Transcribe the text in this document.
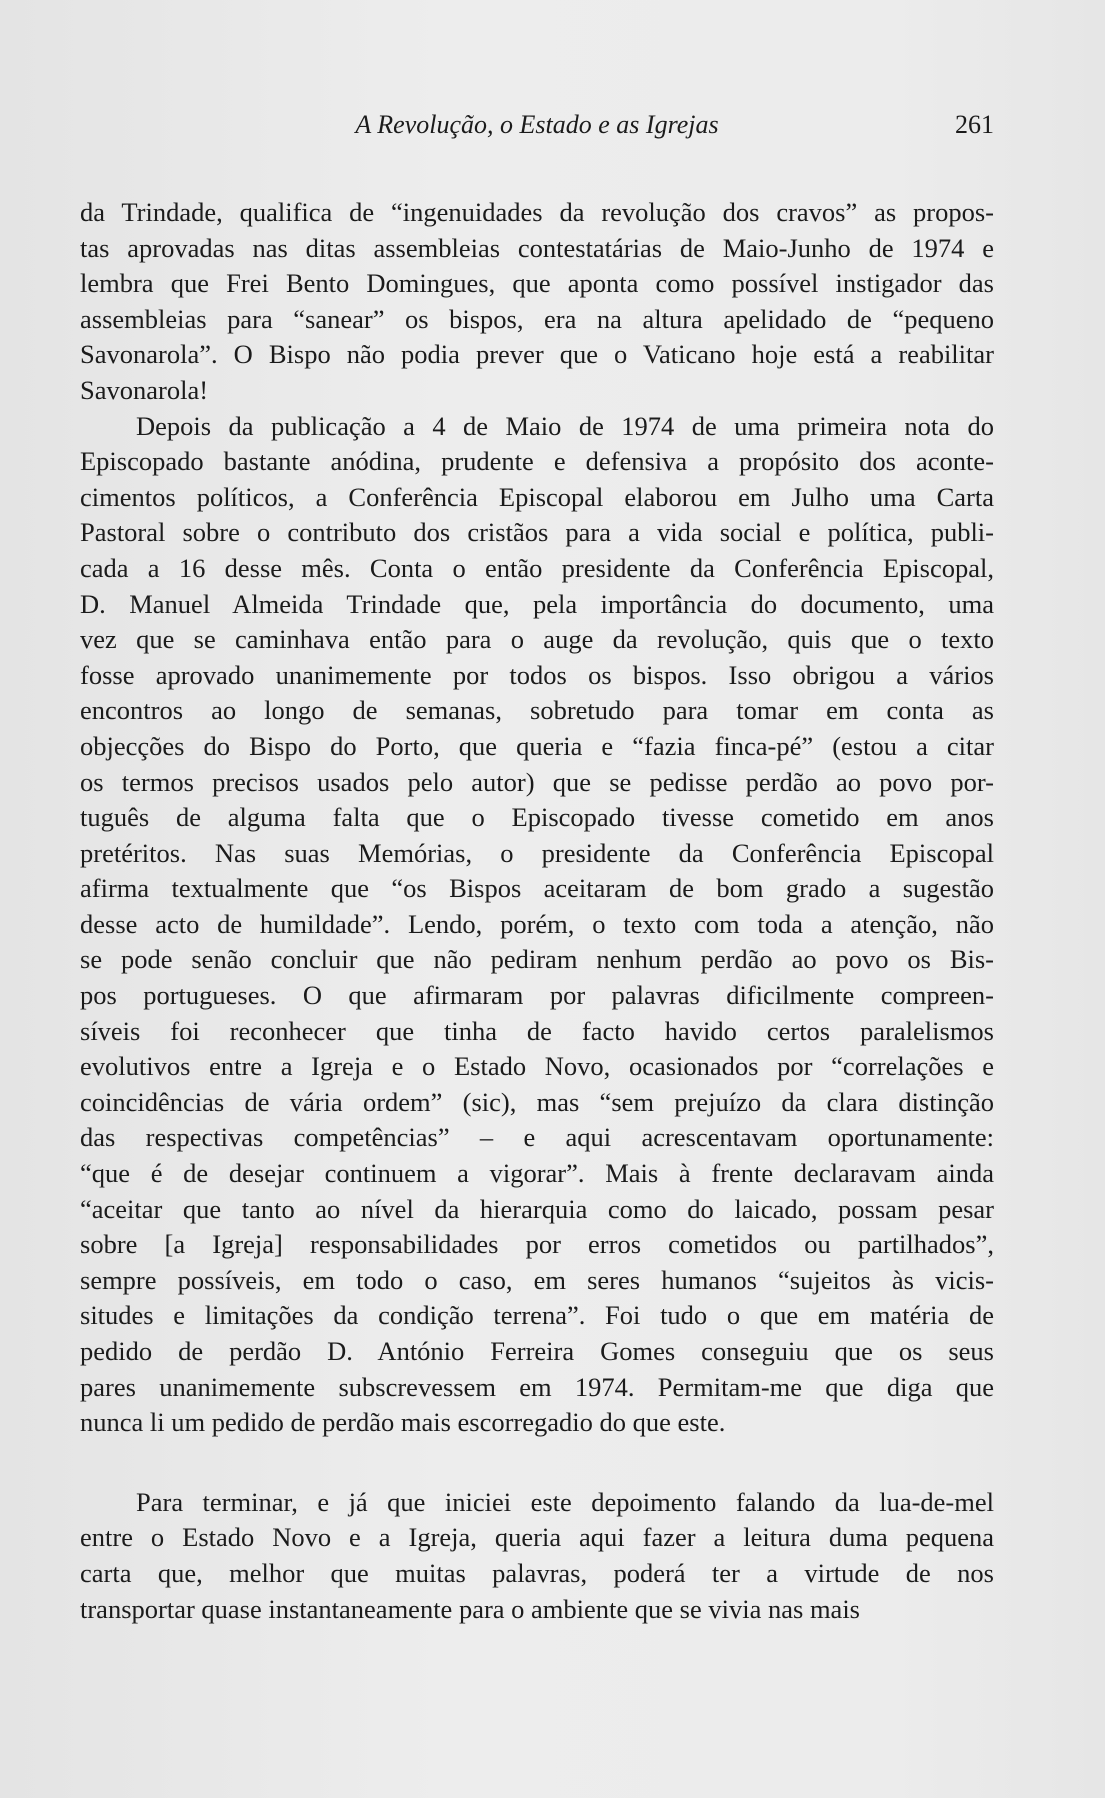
A Revolução, o Estado e as Igrejas	261
da Trindade, qualifica de “ingenuidades da revolução dos cravos” as propos-
tas aprovadas nas ditas assembleias contestatárias de Maio-Junho de 1974 e
lembra que Frei Bento Domingues, que aponta como possível instigador das
assembleias para “sanear” os bispos, era na altura apelidado de “pequeno
Savonarola”. O Bispo não podia prever que o Vaticano hoje está a reabilitar
Savonarola!
Depois da publicação a 4 de Maio de 1974 de uma primeira nota do
Episcopado bastante anódina, prudente e defensiva a propósito dos aconte-
cimentos políticos, a Conferência Episcopal elaborou em Julho uma Carta
Pastoral sobre o contributo dos cristãos para a vida social e política, publi-
cada a 16 desse mês. Conta o então presidente da Conferência Episcopal,
D. Manuel Almeida Trindade que, pela importância do documento, uma
vez que se caminhava então para o auge da revolução, quis que o texto
fosse aprovado unanimemente por todos os bispos. Isso obrigou a vários
encontros ao longo de semanas, sobretudo para tomar em conta as
objecções do Bispo do Porto, que queria e “fazia finca-pé” (estou a citar
os termos precisos usados pelo autor) que se pedisse perdão ao povo por-
tuguês de alguma falta que o Episcopado tivesse cometido em anos
pretéritos. Nas suas Memórias, o presidente da Conferência Episcopal
afirma textualmente que “os Bispos aceitaram de bom grado a sugestão
desse acto de humildade”. Lendo, porém, o texto com toda a atenção, não
se pode senão concluir que não pediram nenhum perdão ao povo os Bis-
pos portugueses. O que afirmaram por palavras dificilmente compreen-
síveis foi reconhecer que tinha de facto havido certos paralelismos
evolutivos entre a Igreja e o Estado Novo, ocasionados por “correlações e
coincidências de vária ordem” (sic), mas “sem prejuízo da clara distinção
das respectivas competências” – e aqui acrescentavam oportunamente:
“que é de desejar continuem a vigorar”. Mais à frente declaravam ainda
“aceitar que tanto ao nível da hierarquia como do laicado, possam pesar
sobre [a Igreja] responsabilidades por erros cometidos ou partilhados”,
sempre possíveis, em todo o caso, em seres humanos “sujeitos às vicis-
situdes e limitações da condição terrena”. Foi tudo o que em matéria de
pedido de perdão D. António Ferreira Gomes conseguiu que os seus
pares unanimemente subscrevessem em 1974. Permitam-me que diga que
nunca li um pedido de perdão mais escorregadio do que este.
Para terminar, e já que iniciei este depoimento falando da lua-de-mel
entre o Estado Novo e a Igreja, queria aqui fazer a leitura duma pequena
carta que, melhor que muitas palavras, poderá ter a virtude de nos
transportar quase instantaneamente para o ambiente que se vivia nas mais
